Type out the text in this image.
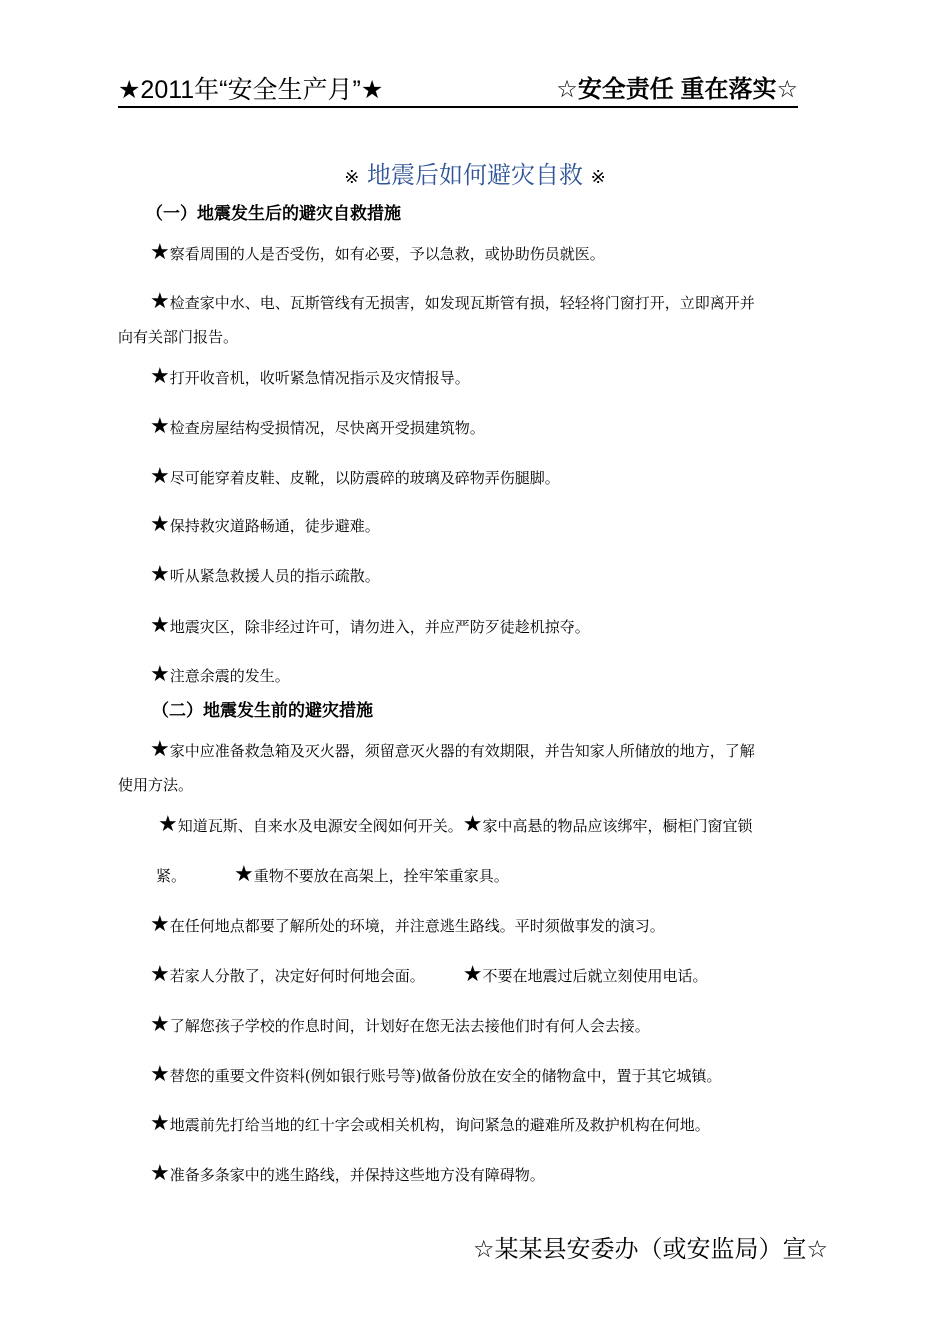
★2011年“安全生产月”★	☆安全责任 重在落实☆
※ 地震后如何避灾自救 ※
（一）地震发生后的避灾自救措施
★察看周围的人是否受伤，如有必要，予以急救，或协助伤员就医。
★检查家中水、电、瓦斯管线有无损害，如发现瓦斯管有损，轻轻将门窗打开，立即离开并
向有关部门报告。
★打开收音机，收听紧急情况指示及灾情报导。
★检查房屋结构受损情况，尽快离开受损建筑物。
★尽可能穿着皮鞋、皮靴，以防震碎的玻璃及碎物弄伤腿脚。
★保持救灾道路畅通，徒步避难。
★听从紧急救援人员的指示疏散。
★地震灾区，除非经过许可，请勿进入，并应严防歹徒趁机掠夺。
★注意余震的发生。
（二）地震发生前的避灾措施
★家中应准备救急箱及灭火器，须留意灭火器的有效期限，并告知家人所储放的地方，了解
使用方法。
★知道瓦斯、自来水及电源安全阀如何开关。★家中高悬的物品应该绑牢，橱柜门窗宜锁
紧。 ★重物不要放在高架上，拴牢笨重家具。
★在任何地点都要了解所处的环境，并注意逃生路线。平时须做事发的演习。
★若家人分散了，决定好何时何地会面。 ★不要在地震过后就立刻使用电话。
★了解您孩子学校的作息时间，计划好在您无法去接他们时有何人会去接。
★替您的重要文件资料(例如银行账号等)做备份放在安全的储物盒中，置于其它城镇。
★地震前先打给当地的红十字会或相关机构，询问紧急的避难所及救护机构在何地。
★准备多条家中的逃生路线，并保持这些地方没有障碍物。
☆某某县安委办（或安监局）宣☆
